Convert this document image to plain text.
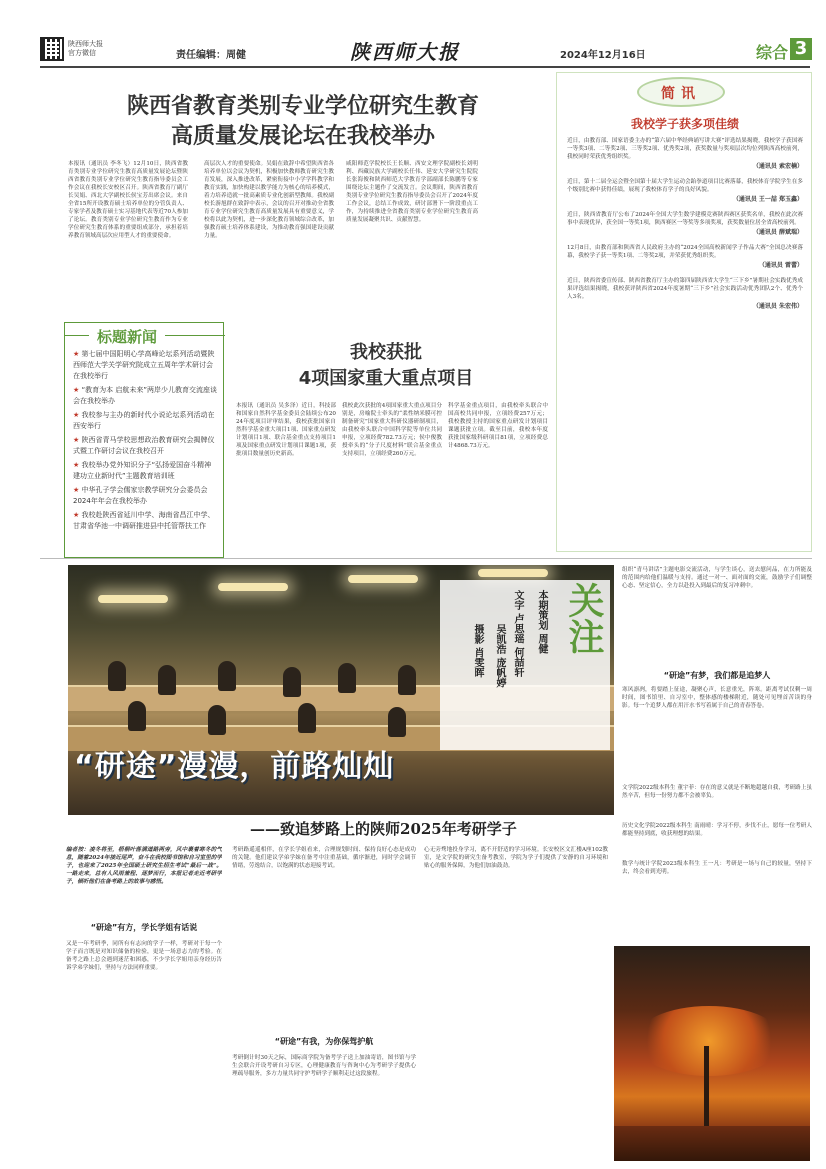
陕西师大报
官方微信	责任编辑：周健	陕西师大报	2024年12月16日	综合 3
陕西省教育类别专业学位研究生教育
高质量发展论坛在我校举办
本报讯（通讯员 李冬飞）12月10日，陕西省教育类别专业学位研究生教育高质量发展论坛暨陕西省教育类别专业学位研究生教育指导委员会工作会议在我校长安校区召开。陕西省教育厅副厅长吴娟、西北大学副校长侯宝芳出席会议。来自全省15所开设教育硕士培养单位的分管负责人、专家学者及教育硕士实习基地代表等近70人参加了论坛。教育类别专业学位研究生教育作为专业学位研究生教育体系的重要组成部分，承担着培养教育领域高层次应用型人才的重要使命。
高层次人才的重要使命。吴娟在致辞中希望陕西省各培养单位以会议为契机，积极加快教师教育研究生教育发展，深入推进改革，紧密衔接中小学学科教学和教育实践，加快构建以教学能力为核心的培养模式，着力培养造就一批高素质专业化创新型教师。我校副校长游旭群在致辞中表示，会议的召开对推动全省教育专业学位研究生教育高质量发展具有重要意义，学校将以此为契机，进一步深化教育领域综合改革，加强教育硕士培养体系建设，为推动教育强国建设贡献力量。
咸阳师范学院校长王长顺、西安文理学院副校长刘明利、西藏民族大学副校长任伟、延安大学研究生院院长张海俊和陕西师范大学教育学部副部长陈鹏等专家围绕论坛主题作了交流发言。会议期间，陕西省教育类别专业学位研究生教育指导委员会召开了2024年度工作会议，总结工作成效，研讨部署下一阶段重点工作，为持续推进全省教育类别专业学位研究生教育高质量发展凝聚共识、贡献智慧。
标题新闻
★ 第七届中国阳明心学高峰论坛系列活动暨陕西师范大学关学研究院成立五周年学术研讨会在我校举行
★ “教育为本 启航未来”两岸少儿教育交流座谈会在我校举办
★ 我校参与主办的新时代小说论坛系列活动在西安举行
★ 陕西省青马学校思想政治教育研究会揭牌仪式暨工作研讨会议在我校召开
★ 我校举办党外知识分子“弘扬爱国奋斗精神 建功立业新时代”主题教育培训班
★ 中华孔子学会儒家宗教学研究分会委员会2024年年会在我校举办
★ 我校赴陕西省延川中学、海南省昌江中学、甘肃省华池一中调研推进县中托管帮扶工作
我校获批
4项国家重大重点项目
本报讯（通讯员 吴多泽）近日，科技部和国家自然科学基金委员会陆续公布2024年度项目评审结果，我校获批国家自然科学基金重大项目1项、国家重点研发计划项目1项、联合基金重点支持项目1项及国家重点研发计划项目课题1项，获批项目数量创历史新高。
我校此次获批的4项国家重大重点项目分别是，房喻院士牵头的“柔性纳米膜可控制备研究”国家重大科研仪器研制项目，由我校牵头联合中国科学院等单位共同申报，立项经费782.73万元；侯中俊教授牵头的“分子尺度材料”联合基金重点支持项目，立项经费260万元。
科学基金重点项目，由我校牵头联合中国高校共同申报，立项经费257万元；我校教授主持的国家重点研发计划项目课题获批立项。截至目前，我校本年度获批国家级科研项目81项，立项经费总计4868.73万元。
简讯
我校学子获多项佳绩
近日，由教育部、国家语委主办的“第六届中华经典诵写讲大赛”评选结果揭晓，我校学子获国赛一等奖3项、二等奖2项、三等奖2项、优秀奖2项，获奖数量与奖项层次均位列陕西高校前列，我校同时荣获优秀组织奖。
（通讯员 索宏楠）
近日，第十二届全运会暨全国第十届大学生运动会跆拳道项目比赛落幕，我校体育学院学生在多个级别比赛中获得佳绩，展现了我校体育学子的良好风貌。
（通讯员 王一喆 郑玉鑫）
近日，陕西省教育厅公布了2024年全国大学生数学建模竞赛陕西赛区获奖名单，我校在此次赛事中表现优异，获全国一等奖1项，陕西赛区一等奖等多项奖项，获奖数量位居全省高校前列。
（通讯员 薛斌瑞）
12月8日，由教育部和陕西省人民政府主办的“2024全国高校新闻学子作品大赛”全国总决赛落幕，我校学子获一等奖1项、二等奖2项，并荣获优秀组织奖。
（通讯员 雷蕾）
近日，陕西省委宣传部、陕西省教育厅主办的第四届陕西省大学生“三下乡”暑期社会实践优秀成果评选结果揭晓，我校获评陕西省2024年度暑期“三下乡”社会实践活动优秀团队2个、优秀个人3名。
（通讯员 朱宏伟）
“研途”漫漫，前路灿灿
关注
本期策划 周健
文字 卢思瑶 何喆轩
吴凯浩 庞帆婷
摄影 肖雯晖
——致追梦路上的陕师2025年考研学子
组织“青马讲话”主题电影交流活动，与学生谈心，送去慰问品，在力所能及的范围内给他们温暖与支持。通过一对一、面对面的交流，鼓励学子们调整心态、坚定信心，全力以赴投入到最后的复习冲刺中。
“研途”有梦，我们都是追梦人
寒风凛冽，将要踏上征途，凝聚心声，长意重光，阵寒。距离考试仅剩一周时间，图书馆里、自习室中，整体感的楼梯附近，随处可见埋首苦读的身影。每一个追梦人都在用汗水书写着属于自己的青春答卷。
文学院2022级本科生 董宇菲：存在的意义就是不断地超越自我，考研路上虽然辛苦，但每一份努力都不会被辜负。
历史文化学院2022级本科生 南雨晴：学习不停，步伐不止，愿每一位考研人都能坚持到底，收获理想的结果。
数学与统计学院2023级本科生 王一凡：考研是一场与自己的较量，坚持下去，终会看到光明。
编者按：凌冬将至，梧桐叶落满道路两旁，风中裹着寒冬的气息，随着2024年接近尾声，奋斗在我校图书馆和自习室里的学子，也迎来了2025年全国硕士研究生招生考试“最后一战”。一路走来，总有人风雨兼程、逐梦而行，本报记者走近考研学子，倾听他们在备考路上的故事与感悟。
“研途”有方，学长学姐有话说
又是一年考研季，同所有有志向的学子一样，考研对于每一个学子而言既是对知识储备的检验，更是一场意志力的考验。在备考之路上总会遇到迷茫和困惑，不少学长学姐用亲身经历告诉学弟学妹们，坚持与方法同样重要。
考研路遥遥相伴，在学长学姐看来，合理规划时间、保持良好心态是成功的关键。他们建议学弟学妹在备考中注重基础，循序渐进，同时学会调节情绪，劳逸结合，以饱满的状态迎接考试。
“研途”有我，为你保驾护航
考研倒计时30天之际，国际商学院为备考学子送上加油寄语，图书馆与学生会联合开设考研自习专区，心理健康教育与咨询中心为考研学子提供心理疏导服务，多方力量共同守护考研学子顺利走过这段旅程。
心无旁骛地投身学习，离不开舒适的学习环境。长安校区文汇楼A座102教室，是文学院的研究生备考教室，学院为学子们提供了安静的自习环境和贴心的服务保障，为他们加油鼓劲。
